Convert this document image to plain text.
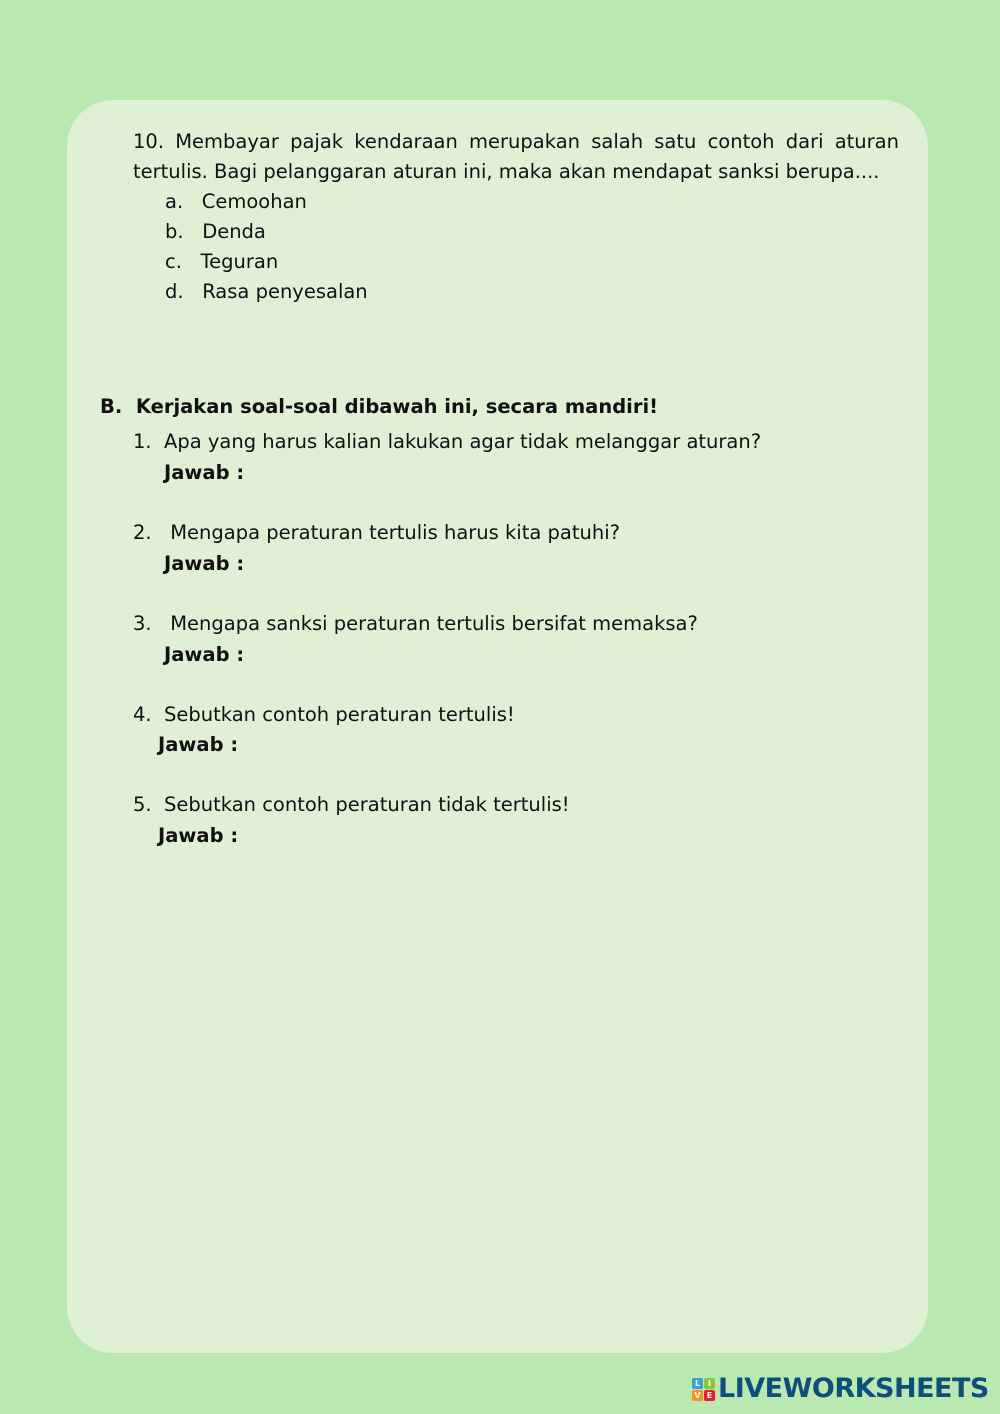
10. Membayar pajak kendaraan merupakan salah satu contoh dari aturan tertulis. Bagi pelanggaran aturan ini, maka akan mendapat sanksi berupa....

a. Cemoohan
b. Denda
c. Teguran
d. Rasa penyesalan
B.  Kerjakan soal-soal dibawah ini, secara mandiri!
1.  Apa yang harus kalian lakukan agar tidak melanggar aturan?
Jawab :
2.   Mengapa peraturan tertulis harus kita patuhi?
Jawab :
3.   Mengapa sanksi peraturan tertulis bersifat memaksa?
Jawab :
4.  Sebutkan contoh peraturan tertulis!
Jawab :
5.  Sebutkan contoh peraturan tidak tertulis!
Jawab :
L I
V E LIVEWORKSHEETS
